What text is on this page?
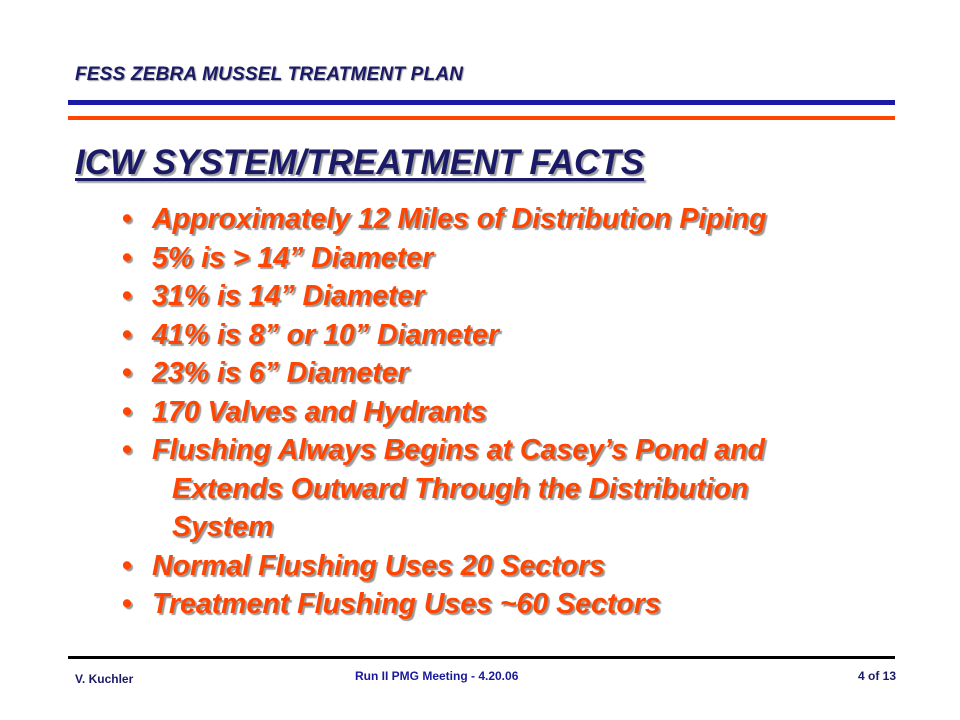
FESS ZEBRA MUSSEL TREATMENT PLAN
ICW SYSTEM/TREATMENT FACTS
• Approximately 12 Miles of Distribution Piping
• 5% is > 14” Diameter
• 31% is 14” Diameter
• 41% is 8” or 10” Diameter
• 23% is 6” Diameter
• 170 Valves and Hydrants
• Flushing Always Begins at Casey’s Pond and
Extends Outward Through the Distribution
System
• Normal Flushing Uses 20 Sectors
• Treatment Flushing Uses ~60 Sectors
V. Kuchler	Run II PMG Meeting - 4.20.06	4 of 13
